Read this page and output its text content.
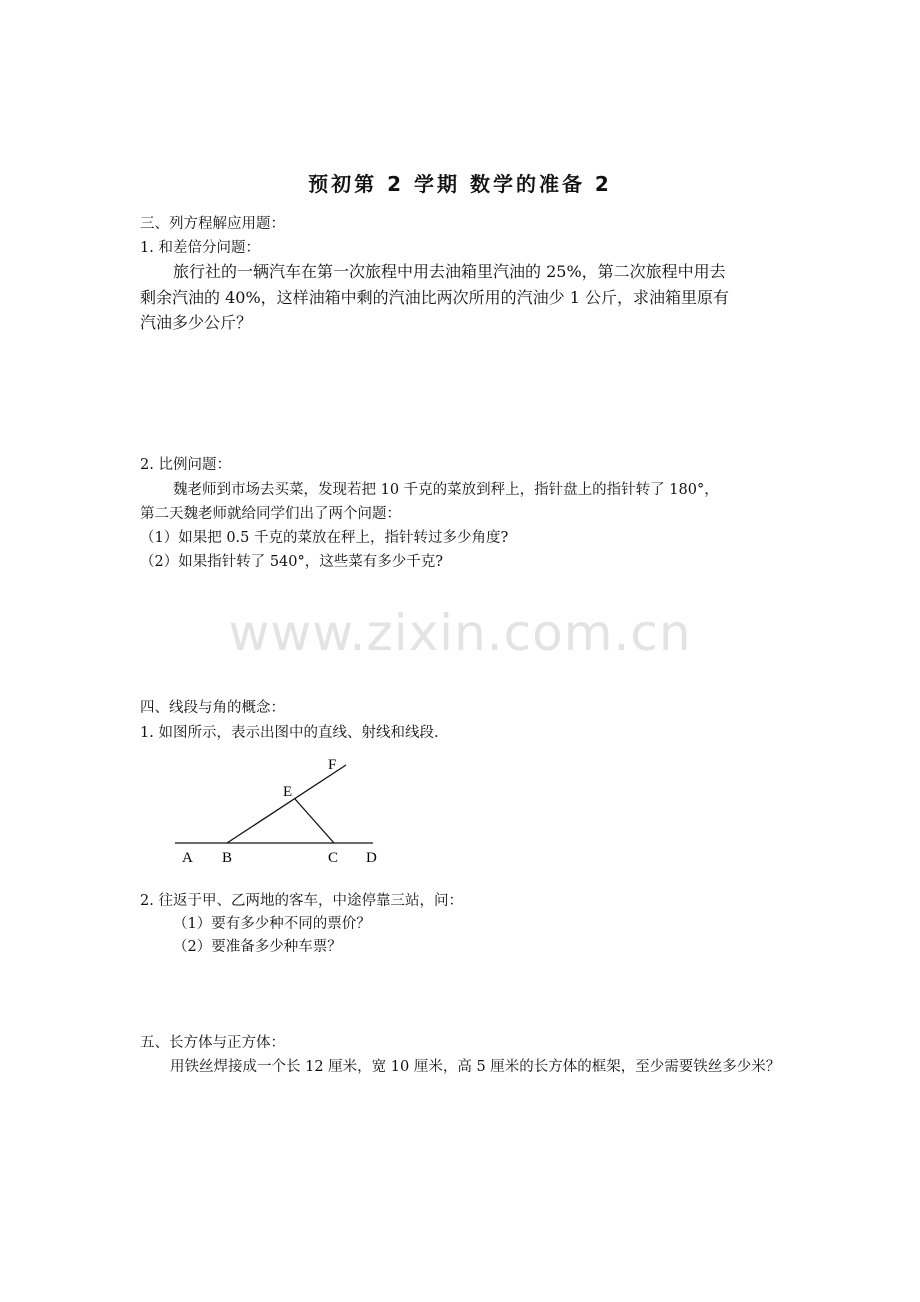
预初第 2 学期 数学的准备 2
三、列方程解应用题：
1. 和差倍分问题：
旅行社的一辆汽车在第一次旅程中用去油箱里汽油的 25%，第二次旅程中用去
剩余汽油的 40%，这样油箱中剩的汽油比两次所用的汽油少 1 公斤，求油箱里原有
汽油多少公斤？
2. 比例问题：
魏老师到市场去买菜，发现若把 10 千克的菜放到秤上，指针盘上的指针转了 180°，
第二天魏老师就给同学们出了两个问题：
（1）如果把 0.5 千克的菜放在秤上，指针转过多少角度?
（2）如果指针转了 540°，这些菜有多少千克?
www.zixin.com.cn
四、线段与角的概念：
1. 如图所示，表示出图中的直线、射线和线段.
A B	C D
E
F
2. 往返于甲、乙两地的客车，中途停靠三站，问：
（1）要有多少种不同的票价？
（2）要准备多少种车票？
五、长方体与正方体：
用铁丝焊接成一个长 12 厘米，宽 10 厘米，高 5 厘米的长方体的框架，至少需要铁丝多少米？
